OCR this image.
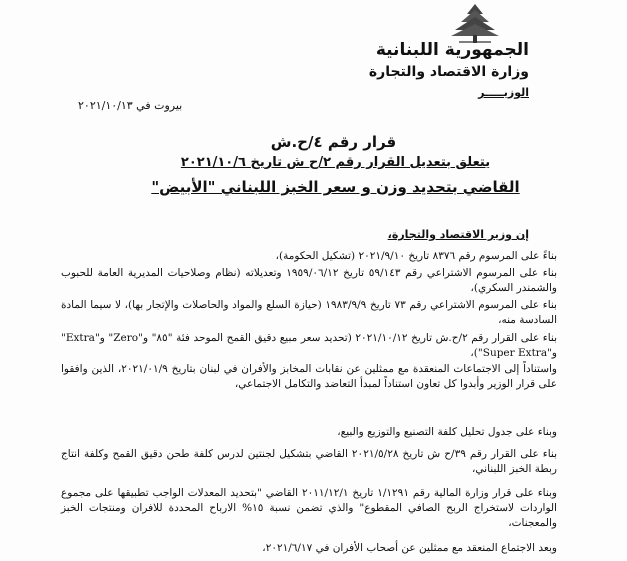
الجمهورية اللبنانية
وزارة الاقتصاد والتجارة
الوزيـــــر
بيروت في ٢٠٢١/١٠/١٣
قرار رقم ٤/ح.ش
يتعلق بتعديل القرار رقم ٢/ح ش تاريخ ٢٠٢١/١٠/٦
القاضي بتحديد وزن و سعر الخبز اللبناني "الأبيض"
إن وزير الاقتصاد والتجارة،

بناءً على المرسوم رقم ٨٣٧٦ تاريخ ٢٠٢١/٩/١٠ (تشكيل الحكومة)،

بناء على المرسوم الاشتراعي رقم ٥٩/١٤٣ تاريخ ١٩٥٩/٠٦/١٢ وتعديلاته (نظام وصلاحيات المديرية العامة للحبوب والشمندر السكري)،

بناء على المرسوم الاشتراعي رقم ٧٣ تاريخ ١٩٨٣/٩/٩ (حيازة السلع والمواد والحاصلات والإتجار بها)، لا سيما المادة السادسة منه،

بناء على القرار رقم ٢/ح.ش تاريخ ٢٠٢١/١٠/١٢ (تحديد سعر مبيع دقيق القمح الموحد فئة "٨٥" و"Zero" و"Extra" و"Super Extra")،

واستناداً إلى الاجتماعات المنعقدة مع ممثلين عن نقابات المخابز والأفران في لبنان بتاريخ ٢٠٢١/٠١/٩، الذين وافقوا على قرار الوزير وأبدوا كل تعاون استناداً لمبدأ التعاضد والتكامل الاجتماعي،

وبناء على جدول تحليل كلفة التصنيع والتوزيع والبيع،

بناء على القرار رقم ٣٩/ح ش تاريخ ٢٠٢١/٥/٢٨ القاضي بتشكيل لجنتين لدرس كلفة طحن دقيق القمح وكلفة انتاج ربطة الخبز اللبناني،

وبناء على قرار وزارة المالية رقم ١/١٢٩١ تاريخ ٢٠١١/١٢/١ القاضي "بتحديد المعدلات الواجب تطبيقها على مجموع الواردات لاستخراج الربح الصافي المقطوع" والذي تضمن نسبة ١٥% الارباح المحددة للافران ومنتجات الخبز والمعجنات،

وبعد الاجتماع المنعقد مع ممثلين عن أصحاب الأفران في ٢٠٢١/٦/١٧،
